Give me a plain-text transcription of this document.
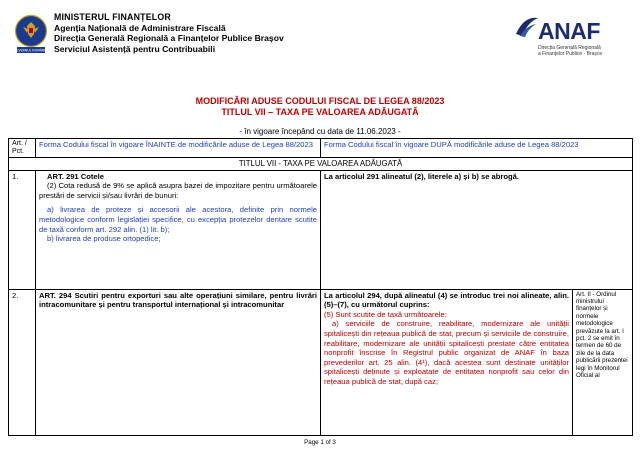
GUVERNUL ROMÂNIEI
MINISTERUL FINANȚELOR
Agenția Națională de Administrare Fiscală
Direcția Generală Regională a Finanțelor Publice Brașov
Serviciul Asistență pentru Contribuabili
ANAF
Direcția Generală Regională
a Finanțelor Publice - Brașov
MODIFICĂRI ADUSE CODULUI FISCAL DE LEGEA 88/2023
TITLUL VII – TAXA PE VALOAREA ADĂUGATĂ
- în vigoare începând cu data de 11.06.2023 -
Art. / Pct.	Forma Codului fiscal în vigoare ÎNAINTE de modificările aduse de Legea 88/2023	Forma Codului fiscal în vigoare DUPĂ modificările aduse de Legea 88/2023	
TITLUL VII - TAXA PE VALOAREA ADĂUGATĂ			
1.	ART. 291 Cotele

(2) Cota redusă de 9% se aplică asupra bazei de impozitare pentru următoarele prestări de servicii și/sau livrări de bunuri:

a) livrarea de proteze și accesorii ale acestora, definite prin normele metodologice conform legislației specifice, cu excepția protezelor dentare scutite de taxă conform art. 292 alin. (1) lit. b);

b) livrarea de produse ortopedice;	La articolul 291 alineatul (2), literele a) și b) se abrogă.	

2.	ART. 294 Scutiri pentru exporturi sau alte operațiuni similare, pentru livrări intracomunitare și pentru transportul internațional și intracomunitar	La articolul 294, după alineatul (4) se introduc trei noi alineate, alin. (5)–(7), cu următorul cuprins:

(5) Sunt scutite de taxă următoarele:

a) serviciile de construire, reabilitare, modernizare ale unității spitalicești din rețeaua publică de stat, precum și serviciile de construire, reabilitare, modernizare ale unității spitalicești prestate către entitatea nonprofit înscrise în Registrul public organizat de ANAF în baza prevederilor art. 25 alin. (4¹), dacă acestea sunt destinate unităților spitalicești deținute și exploatate de entitatea nonprofit sau celor din rețeaua publică de stat, după caz;	Art. II - Ordinul ministrului finanțelor și normele metodologice prevăzute la art. I pct. 2 se emit în termen de 60 de zile de la data publicării prezentei legi în Monitorul Oficial al
Page 1 of 3
